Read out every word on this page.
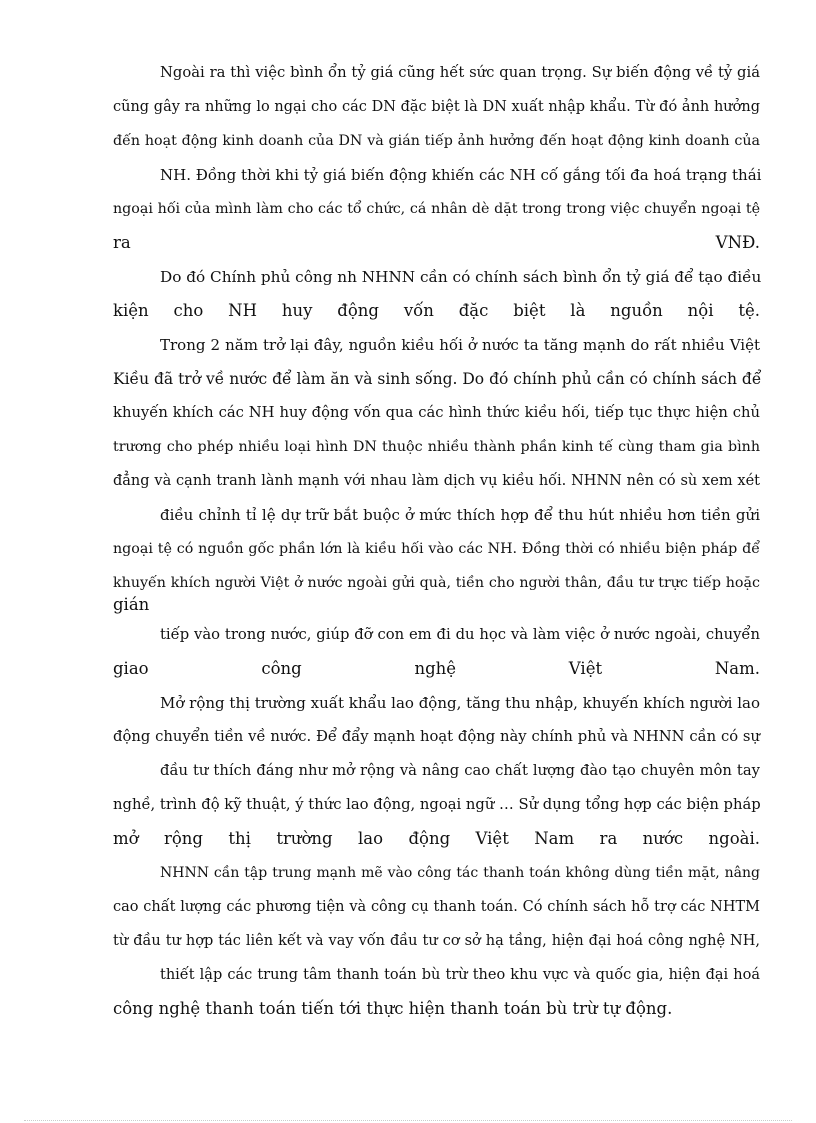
Ngoài ra thì việc bình ổn tỷ giá cũng hết sức quan trọng. Sự biến động về tỷ giá
cũng gây ra những lo ngại cho các DN đặc biệt là DN xuất nhập khẩu. Từ đó ảnh hưởng
đến hoạt động kinh doanh của DN và gián tiếp ảnh hưởng đến hoạt động kinh doanh của
NH. Đồng thời khi tỷ giá biến động khiến các NH cố gắng tối đa hoá trạng thái
ngoại hối của mình làm cho các tổ chức, cá nhân dè dặt trong trong việc chuyển ngoại tệ
ra VNĐ.
Do đó Chính phủ công nh NHNN cần có chính sách bình ổn tỷ giá để tạo điều
kiện cho NH huy động vốn đặc biệt là nguồn nội tệ.
Trong 2 năm trở lại đây, nguồn kiều hối ở nước ta tăng mạnh do rất nhiều Việt
Kiều đã trở về nước để làm ăn và sinh sống. Do đó chính phủ cần có chính sách để
khuyến khích các NH huy động vốn qua các hình thức kiều hối, tiếp tục thực hiện chủ
trương cho phép nhiều loại hình DN thuộc nhiều thành phần kinh tế cùng tham gia bình
đẳng và cạnh tranh lành mạnh với nhau làm dịch vụ kiều hối. NHNN nên có sù xem xét
điều chỉnh tỉ lệ dự trữ bắt buộc ở mức thích hợp để thu hút nhiều hơn tiền gửi
ngoại tệ có nguồn gốc phần lớn là kiều hối vào các NH. Đồng thời có nhiều biện pháp để
khuyến khích người Việt ở nước ngoài gửi quà, tiền cho người thân, đầu tư trực tiếp hoặc
gián
tiếp vào trong nước, giúp đỡ con em đi du học và làm việc ở nước ngoài, chuyển
giao công nghệ Việt Nam.
Mở rộng thị trường xuất khẩu lao động, tăng thu nhập, khuyến khích người lao
động chuyển tiền về nước. Để đẩy mạnh hoạt động này chính phủ và NHNN cần có sự
đầu tư thích đáng như mở rộng và nâng cao chất lượng đào tạo chuyên môn tay
nghề, trình độ kỹ thuật, ý thức lao động, ngoại ngữ … Sử dụng tổng hợp các biện pháp
mở rộng thị trường lao động Việt Nam ra nước ngoài.
NHNN cần tập trung mạnh mẽ vào công tác thanh toán không dùng tiền mặt, nâng
cao chất lượng các phương tiện và công cụ thanh toán. Có chính sách hỗ trợ các NHTM
từ đầu tư hợp tác liên kết và vay vốn đầu tư cơ sở hạ tầng, hiện đại hoá công nghệ NH,
thiết lập các trung tâm thanh toán bù trừ theo khu vực và quốc gia, hiện đại hoá
công nghệ thanh toán tiến tới thực hiện thanh toán bù trừ tự động.
